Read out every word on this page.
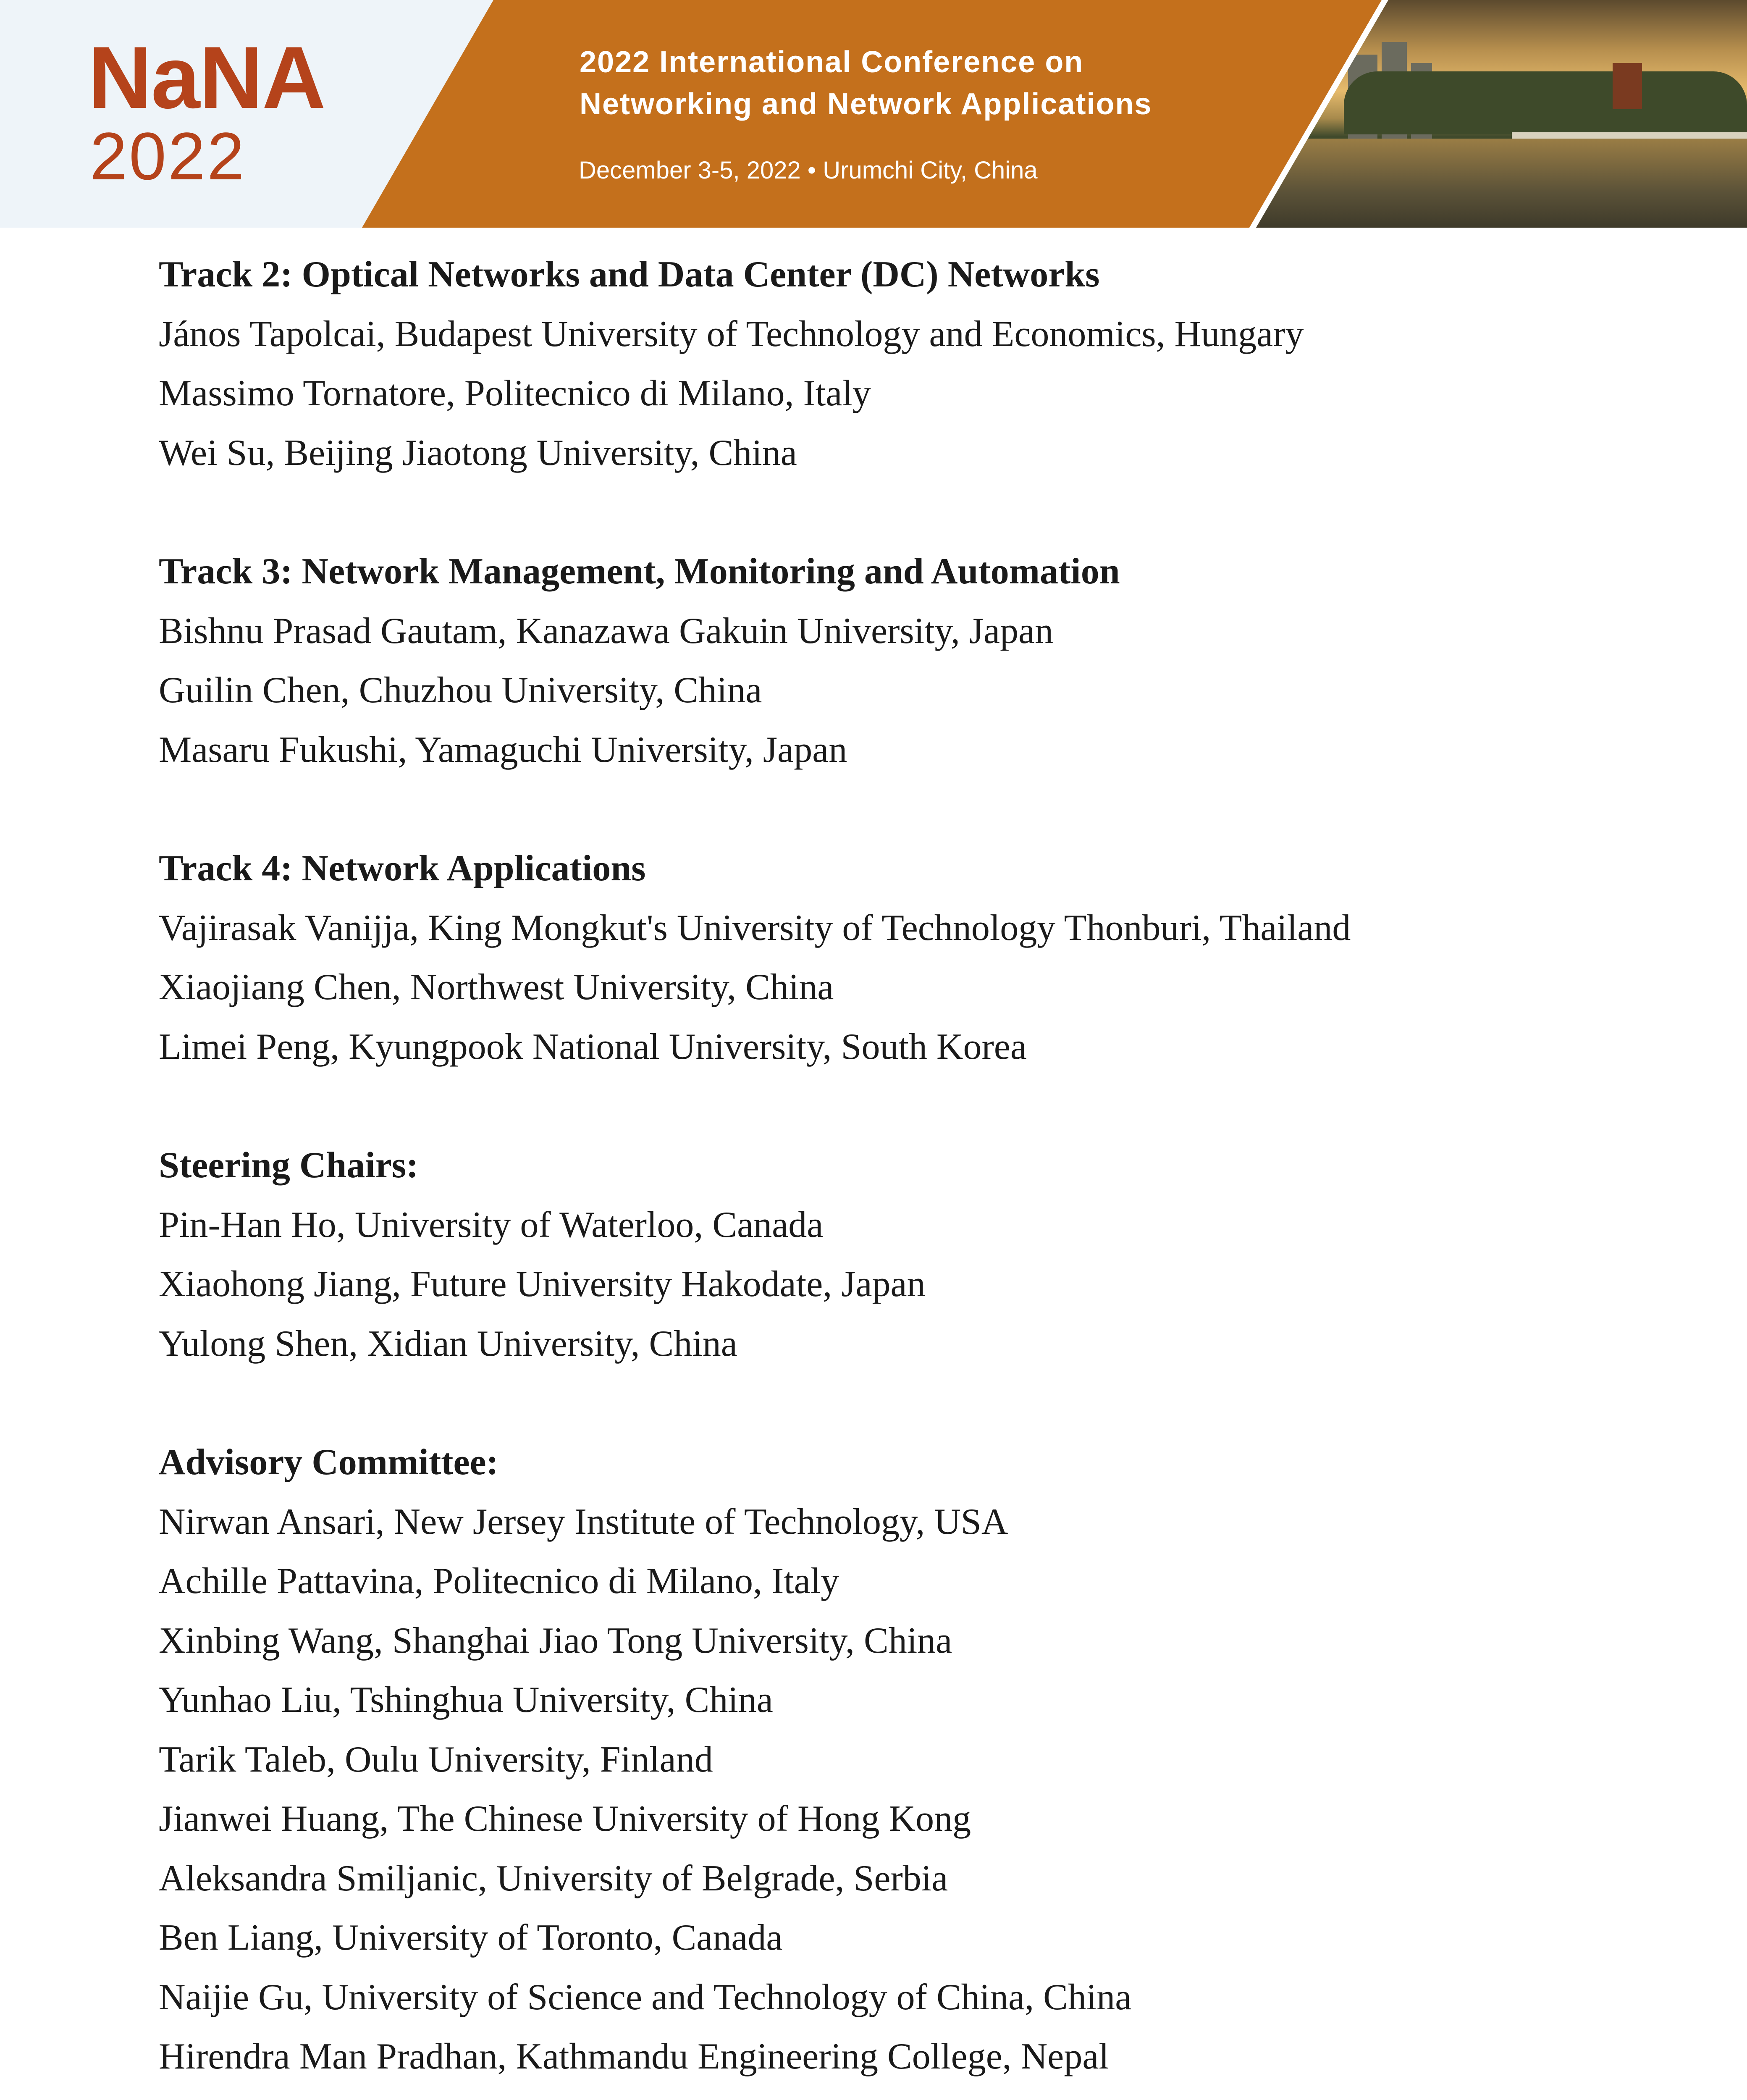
NaNA
2022
2022 International Conference on
Networking and Network Applications
December 3-5, 2022 • Urumchi City, China
Track 2: Optical Networks and Data Center (DC) Networks
János Tapolcai, Budapest University of Technology and Economics, Hungary
Massimo Tornatore, Politecnico di Milano, Italy
Wei Su, Beijing Jiaotong University, China
Track 3: Network Management, Monitoring and Automation
Bishnu Prasad Gautam, Kanazawa Gakuin University, Japan
Guilin Chen, Chuzhou University, China
Masaru Fukushi, Yamaguchi University, Japan
Track 4: Network Applications
Vajirasak Vanijja, King Mongkut's University of Technology Thonburi, Thailand
Xiaojiang Chen, Northwest University, China
Limei Peng, Kyungpook National University, South Korea
Steering Chairs:
Pin-Han Ho, University of Waterloo, Canada
Xiaohong Jiang, Future University Hakodate, Japan
Yulong Shen, Xidian University, China
Advisory Committee:
Nirwan Ansari, New Jersey Institute of Technology, USA
Achille Pattavina, Politecnico di Milano, Italy
Xinbing Wang, Shanghai Jiao Tong University, China
Yunhao Liu, Tshinghua University, China
Tarik Taleb, Oulu University, Finland
Jianwei Huang, The Chinese University of Hong Kong
Aleksandra Smiljanic, University of Belgrade, Serbia
Ben Liang, University of Toronto, Canada
Naijie Gu, University of Science and Technology of China, China
Hirendra Man Pradhan, Kathmandu Engineering College, Nepal
